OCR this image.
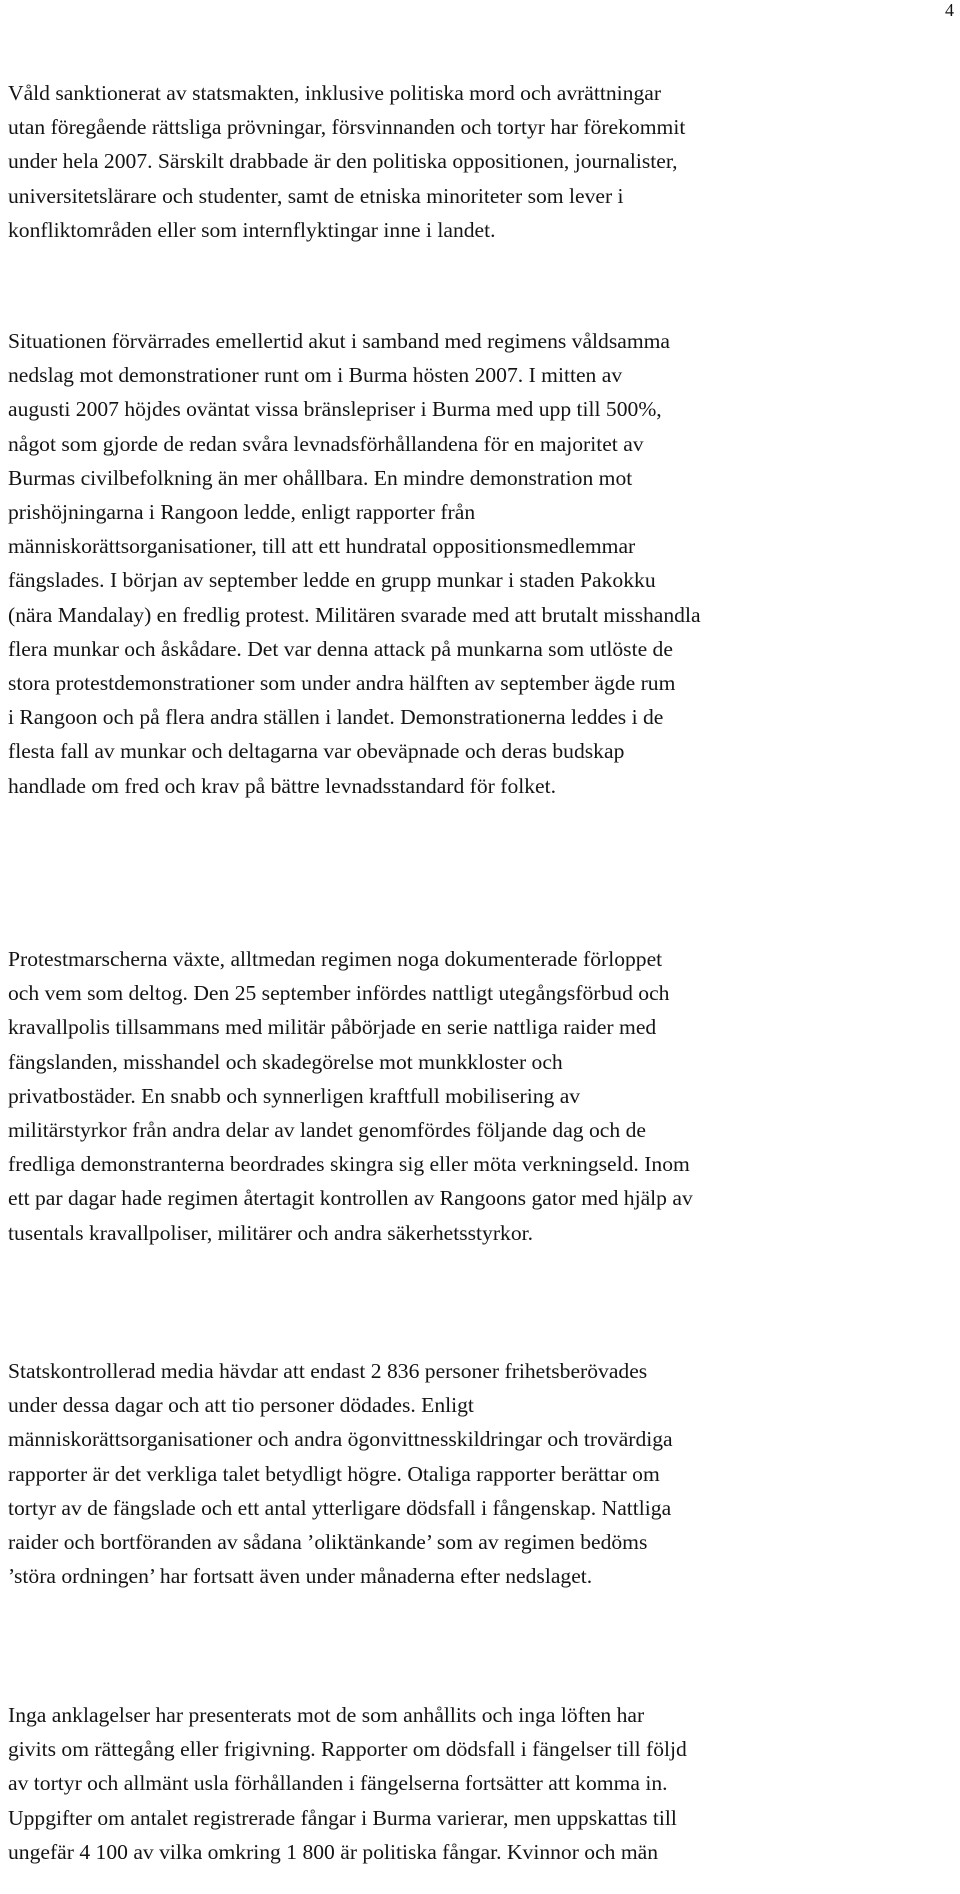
4

Våld sanktionerat av statsmakten, inklusive politiska mord och avrättningar
utan föregående rättsliga prövningar, försvinnanden och tortyr har förekommit
under hela 2007. Särskilt drabbade är den politiska oppositionen, journalister,
universitetslärare och studenter, samt de etniska minoriteter som lever i
konfliktområden eller som internflyktingar inne i landet.

Situationen förvärrades emellertid akut i samband med regimens våldsamma
nedslag mot demonstrationer runt om i Burma hösten 2007. I mitten av
augusti 2007 höjdes oväntat vissa bränslepriser i Burma med upp till 500%,
något som gjorde de redan svåra levnadsförhållandena för en majoritet av
Burmas civilbefolkning än mer ohållbara. En mindre demonstration mot
prishöjningarna i Rangoon ledde, enligt rapporter från
människorättsorganisationer, till att ett hundratal oppositionsmedlemmar
fängslades. I början av september ledde en grupp munkar i staden Pakokku
(nära Mandalay) en fredlig protest. Militären svarade med att brutalt misshandla
flera munkar och åskådare. Det var denna attack på munkarna som utlöste de
stora protestdemonstrationer som under andra hälften av september ägde rum
i Rangoon och på flera andra ställen i landet. Demonstrationerna leddes i de
flesta fall av munkar och deltagarna var obeväpnade och deras budskap
handlade om fred och krav på bättre levnadsstandard för folket.

Protestmarscherna växte, alltmedan regimen noga dokumenterade förloppet
och vem som deltog. Den 25 september infördes nattligt utegångsförbud och
kravallpolis tillsammans med militär påbörjade en serie nattliga raider med
fängslanden, misshandel och skadegörelse mot munkkloster och
privatbostäder. En snabb och synnerligen kraftfull mobilisering av
militärstyrkor från andra delar av landet genomfördes följande dag och de
fredliga demonstranterna beordrades skingra sig eller möta verkningseld. Inom
ett par dagar hade regimen återtagit kontrollen av Rangoons gator med hjälp av
tusentals kravallpoliser, militärer och andra säkerhetsstyrkor.

Statskontrollerad media hävdar att endast 2 836 personer frihetsberövades
under dessa dagar och att tio personer dödades. Enligt
människorättsorganisationer och andra ögonvittnesskildringar och trovärdiga
rapporter är det verkliga talet betydligt högre. Otaliga rapporter berättar om
tortyr av de fängslade och ett antal ytterligare dödsfall i fångenskap. Nattliga
raider och bortföranden av sådana ’oliktänkande’ som av regimen bedöms
’störa ordningen’ har fortsatt även under månaderna efter nedslaget.

Inga anklagelser har presenterats mot de som anhållits och inga löften har
givits om rättegång eller frigivning. Rapporter om dödsfall i fängelser till följd
av tortyr och allmänt usla förhållanden i fängelserna fortsätter att komma in.
Uppgifter om antalet registrerade fångar i Burma varierar, men uppskattas till
ungefär 4 100 av vilka omkring 1 800 är politiska fångar. Kvinnor och män
